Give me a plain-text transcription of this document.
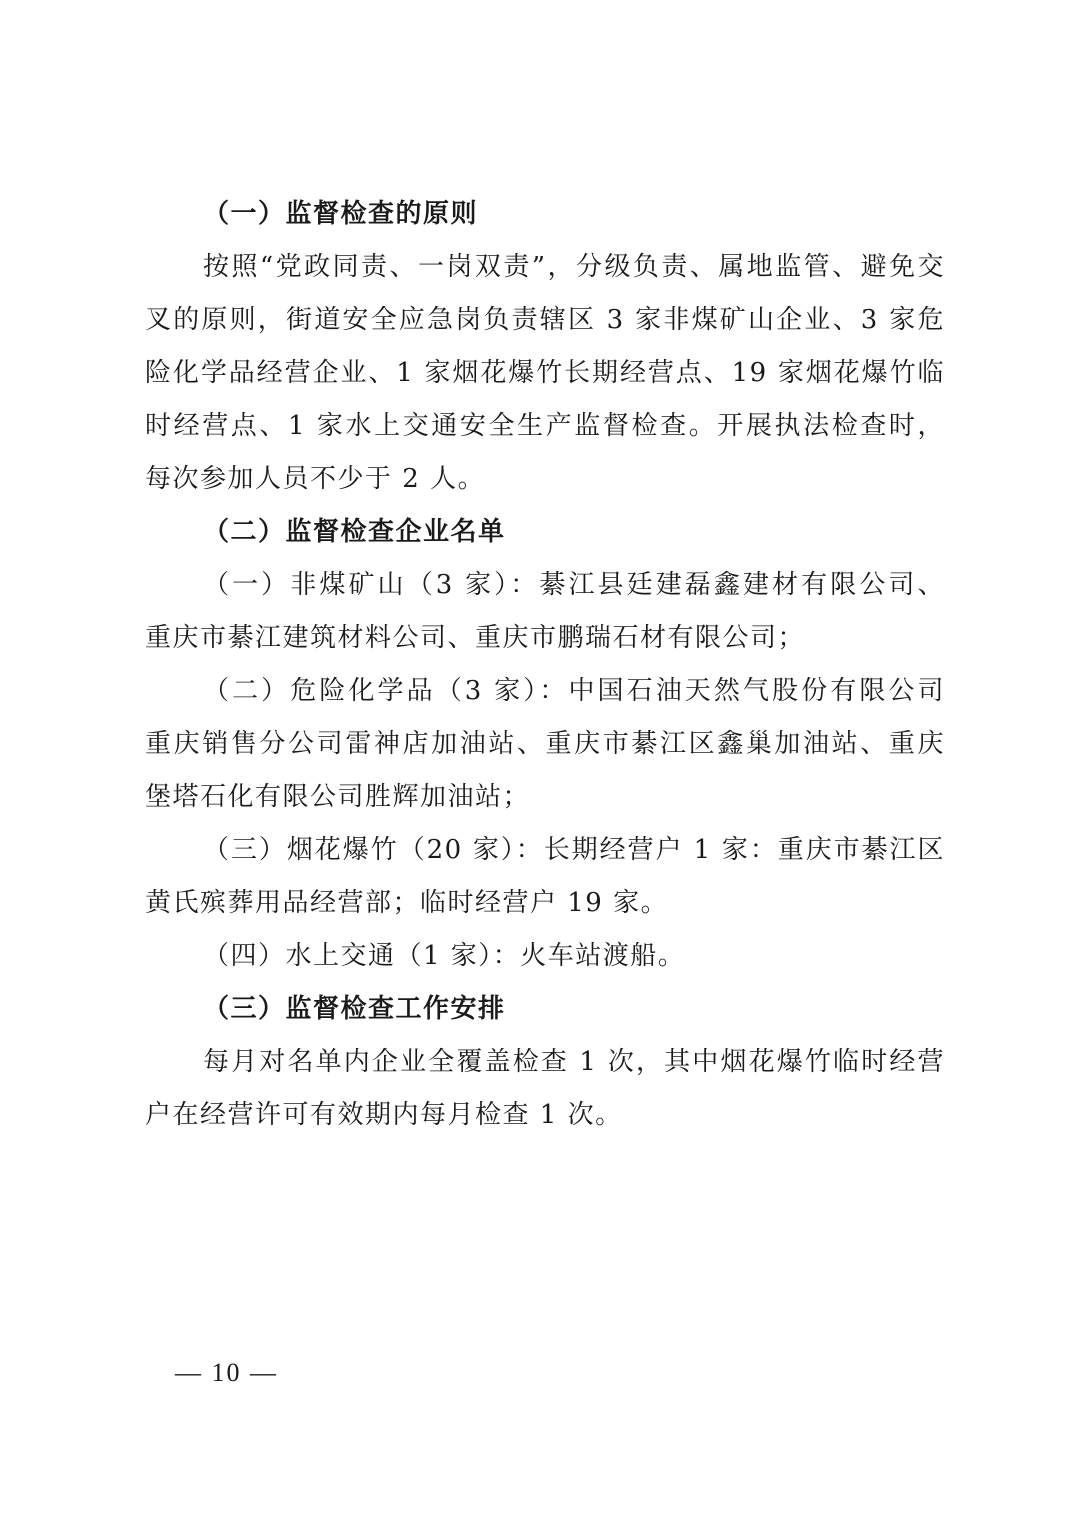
（一）监督检查的原则
按照“党政同责、一岗双责”，分级负责、属地监管、避免交
叉的原则，街道安全应急岗负责辖区 3 家非煤矿山企业、3 家危
险化学品经营企业、1 家烟花爆竹长期经营点、19 家烟花爆竹临
时经营点、1 家水上交通安全生产监督检查。开展执法检查时，
每次参加人员不少于 2 人。
（二）监督检查企业名单
（一）非煤矿山（3 家）：綦江县廷建磊鑫建材有限公司、
重庆市綦江建筑材料公司、重庆市鹏瑞石材有限公司；
（二）危险化学品（3 家）：中国石油天然气股份有限公司
重庆销售分公司雷神店加油站、重庆市綦江区鑫巢加油站、重庆
堡塔石化有限公司胜辉加油站；
（三）烟花爆竹（20 家）：长期经营户 1 家：重庆市綦江区
黄氏殡葬用品经营部；临时经营户 19 家。
（四）水上交通（1 家）：火车站渡船。
（三）监督检查工作安排
每月对名单内企业全覆盖检查 1 次，其中烟花爆竹临时经营
户在经营许可有效期内每月检查 1 次。
— 10 —
